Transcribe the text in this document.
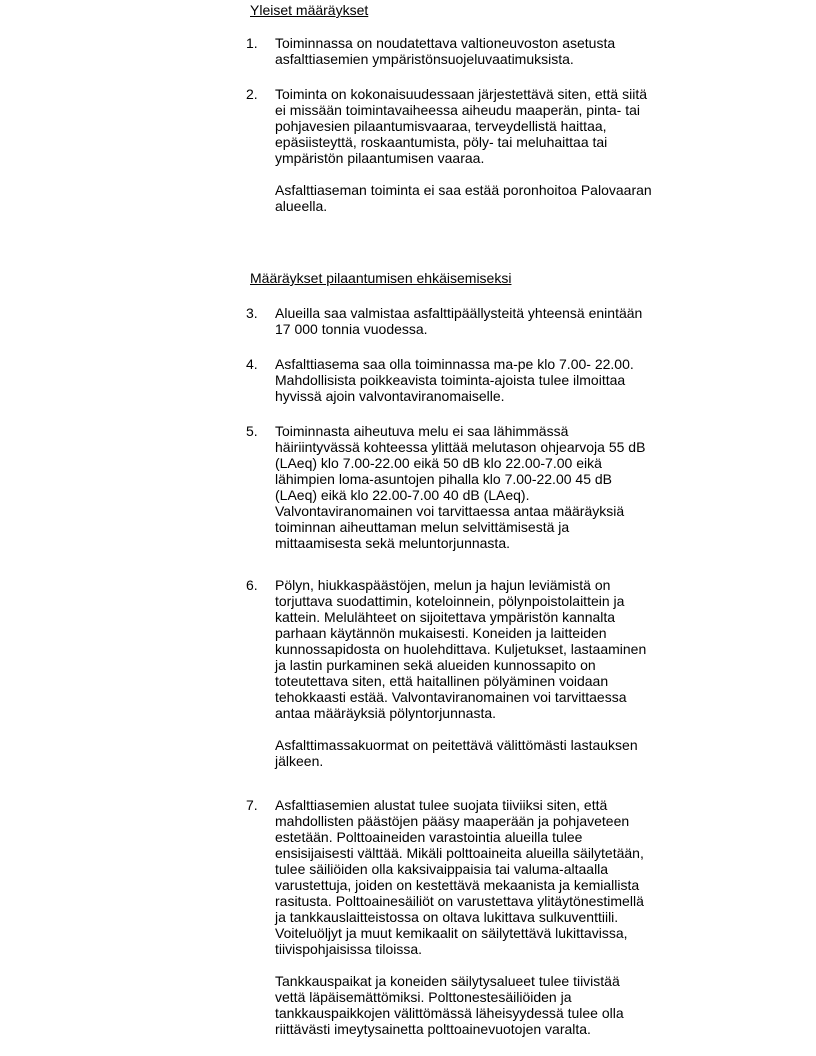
Yleiset määräykset
1.	Toiminnassa on noudatettava valtioneuvoston asetusta
asfalttiasemien ympäristönsuojeluvaatimuksista.

2.	Toiminta on kokonaisuudessaan järjestettävä siten, että siitä
ei missään toimintavaiheessa aiheudu maaperän, pinta- tai
pohjavesien pilaantumisvaaraa, terveydellistä haittaa,
epäsiisteyttä, roskaantumista, pöly- tai meluhaittaa tai
ympäristön pilaantumisen vaaraa.

Asfalttiaseman toiminta ei saa estää poronhoitoa Palovaaran
alueella.

Määräykset pilaantumisen ehkäisemiseksi
3.	Alueilla saa valmistaa asfalttipäällysteitä yhteensä enintään
17 000 tonnia vuodessa.

4.	Asfalttiasema saa olla toiminnassa ma-pe klo 7.00- 22.00.
Mahdollisista poikkeavista toiminta-ajoista tulee ilmoittaa
hyvissä ajoin valvontaviranomaiselle.

5.	Toiminnasta aiheutuva melu ei saa lähimmässä
häiriintyvässä kohteessa ylittää melutason ohjearvoja 55 dB
(LAeq) klo 7.00-22.00 eikä 50 dB klo 22.00-7.00 eikä
lähimpien loma-asuntojen pihalla klo 7.00-22.00 45 dB
(LAeq) eikä klo 22.00-7.00 40 dB (LAeq).
Valvontaviranomainen voi tarvittaessa antaa määräyksiä
toiminnan aiheuttaman melun selvittämisestä ja
mittaamisesta sekä meluntorjunnasta.

6.	Pölyn, hiukkaspäästöjen, melun ja hajun leviämistä on
torjuttava suodattimin, koteloinnein, pölynpoistolaittein ja
kattein. Melulähteet on sijoitettava ympäristön kannalta
parhaan käytännön mukaisesti. Koneiden ja laitteiden
kunnossapidosta on huolehdittava. Kuljetukset, lastaaminen
ja lastin purkaminen sekä alueiden kunnossapito on
toteutettava siten, että haitallinen pölyäminen voidaan
tehokkaasti estää. Valvontaviranomainen voi tarvittaessa
antaa määräyksiä pölyntorjunnasta.

Asfalttimassakuormat on peitettävä välittömästi lastauksen
jälkeen.

7.	Asfalttiasemien alustat tulee suojata tiiviiksi siten, että
mahdollisten päästöjen pääsy maaperään ja pohjaveteen
estetään. Polttoaineiden varastointia alueilla tulee
ensisijaisesti välttää. Mikäli polttoaineita alueilla säilytetään,
tulee säiliöiden olla kaksivaippaisia tai valuma-altaalla
varustettuja, joiden on kestettävä mekaanista ja kemiallista
rasitusta. Polttoainesäiliöt on varustettava ylitäytönestimellä
ja tankkauslaitteistossa on oltava lukittava sulkuventtiili.
Voiteluöljyt ja muut kemikaalit on säilytettävä lukittavissa,
tiivispohjaisissa tiloissa.

Tankkauspaikat ja koneiden säilytysalueet tulee tiivistää
vettä läpäisemättömiksi. Polttonestesäiliöiden ja
tankkauspaikkojen välittömässä läheisyydessä tulee olla
riittävästi imeytysainetta polttoainevuotojen varalta.
